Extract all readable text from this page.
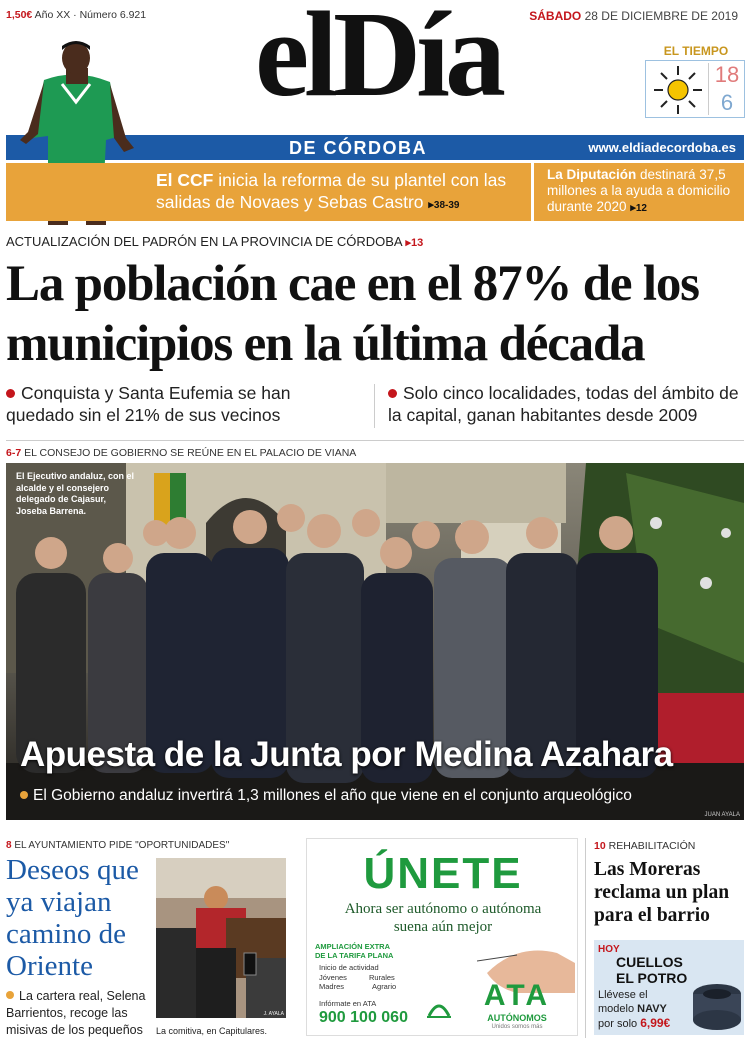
1,50€ Año XX · Número 6.921	SÁBADO 28 DE DICIEMBRE DE 2019
elDía	EL TIEMPO
18
6
DE CÓRDOBA	www.eldiadecordoba.es
El CCF inicia la reforma de su plantel con las salidas de Novaes y Sebas Castro ▸38-39
La Diputación destinará 37,5 millones a la ayuda a domicilio durante 2020 ▸12
ACTUALIZACIÓN DEL PADRÓN EN LA PROVINCIA DE CÓRDOBA ▸13
La población cae en el 87% de los municipios en la última década
Conquista y Santa Eufemia se han quedado sin el 21% de sus vecinos
Solo cinco localidades, todas del ámbito de la capital, ganan habitantes desde 2009
6-7 EL CONSEJO DE GOBIERNO SE REÚNE EN EL PALACIO DE VIANA
El Ejecutivo andaluz, con el alcalde y el consejero delegado de Cajasur, Joseba Barrena.
Apuesta de la Junta por Medina Azahara
El Gobierno andaluz invertirá 1,3 millones el año que viene en el conjunto arqueológico
JUAN AYALA
8 EL AYUNTAMIENTO PIDE "OPORTUNIDADES"
Deseos que ya viajan camino de Oriente
La cartera real, Selena Barrientos, recoge las misivas de los pequeños
J. AYALA
La comitiva, en Capitulares.
ÚNETE
Ahora ser autónomo o autónoma
suena aún mejor
AMPLIACIÓN EXTRA
DE LA TARIFA PLANA
Inicio de actividad
Jóvenes	Rurales
Madres	Agrario
Infórmate en ATA
900 100 060
ATA
AUTÓNOMOS
Unidos somos más
10 REHABILITACIÓN
Las Moreras reclama un plan para el barrio
HOY
CUELLOS
EL POTRO
Llévese el
modelo NAVY
por solo 6,99€
